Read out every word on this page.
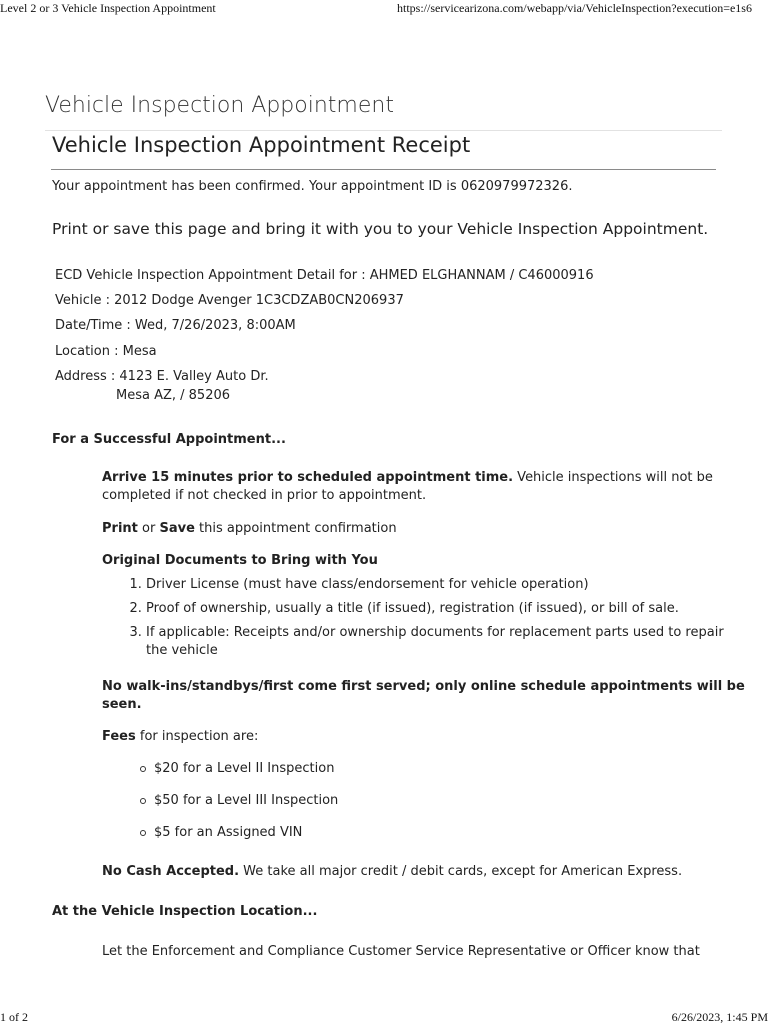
Level 2 or 3 Vehicle Inspection Appointment	https://servicearizona.com/webapp/via/VehicleInspection?execution=e1s6
Vehicle Inspection Appointment
Vehicle Inspection Appointment Receipt

Your appointment has been confirmed. Your appointment ID is 0620979972326.

Print or save this page and bring it with you to your Vehicle Inspection Appointment.

ECD Vehicle Inspection Appointment Detail for : AHMED ELGHANNAM / C46000916

Vehicle : 2012 Dodge Avenger 1C3CDZAB0CN206937

Date/Time : Wed, 7/26/2023, 8:00AM

Location : Mesa

Address : 4123 E. Valley Auto Dr.

Mesa AZ, / 85206

For a Successful Appointment...

Arrive 15 minutes prior to scheduled appointment time. Vehicle inspections will not be

completed if not checked in prior to appointment.

Print or Save this appointment confirmation

Original Documents to Bring with You

1. Driver License (must have class/endorsement for vehicle operation)
2. Proof of ownership, usually a title (if issued), registration (if issued), or bill of sale.
3. If applicable: Receipts and/or ownership documents for replacement parts used to repair the vehicle

No walk-ins/standbys/first come first served; only online schedule appointments will be

seen.

Fees for inspection are:

$20 for a Level II Inspection
$50 for a Level III Inspection
$5 for an Assigned VIN

No Cash Accepted. We take all major credit / debit cards, except for American Express.

At the Vehicle Inspection Location...

Let the Enforcement and Compliance Customer Service Representative or Officer know that

1 of 2	6/26/2023, 1:45 PM
